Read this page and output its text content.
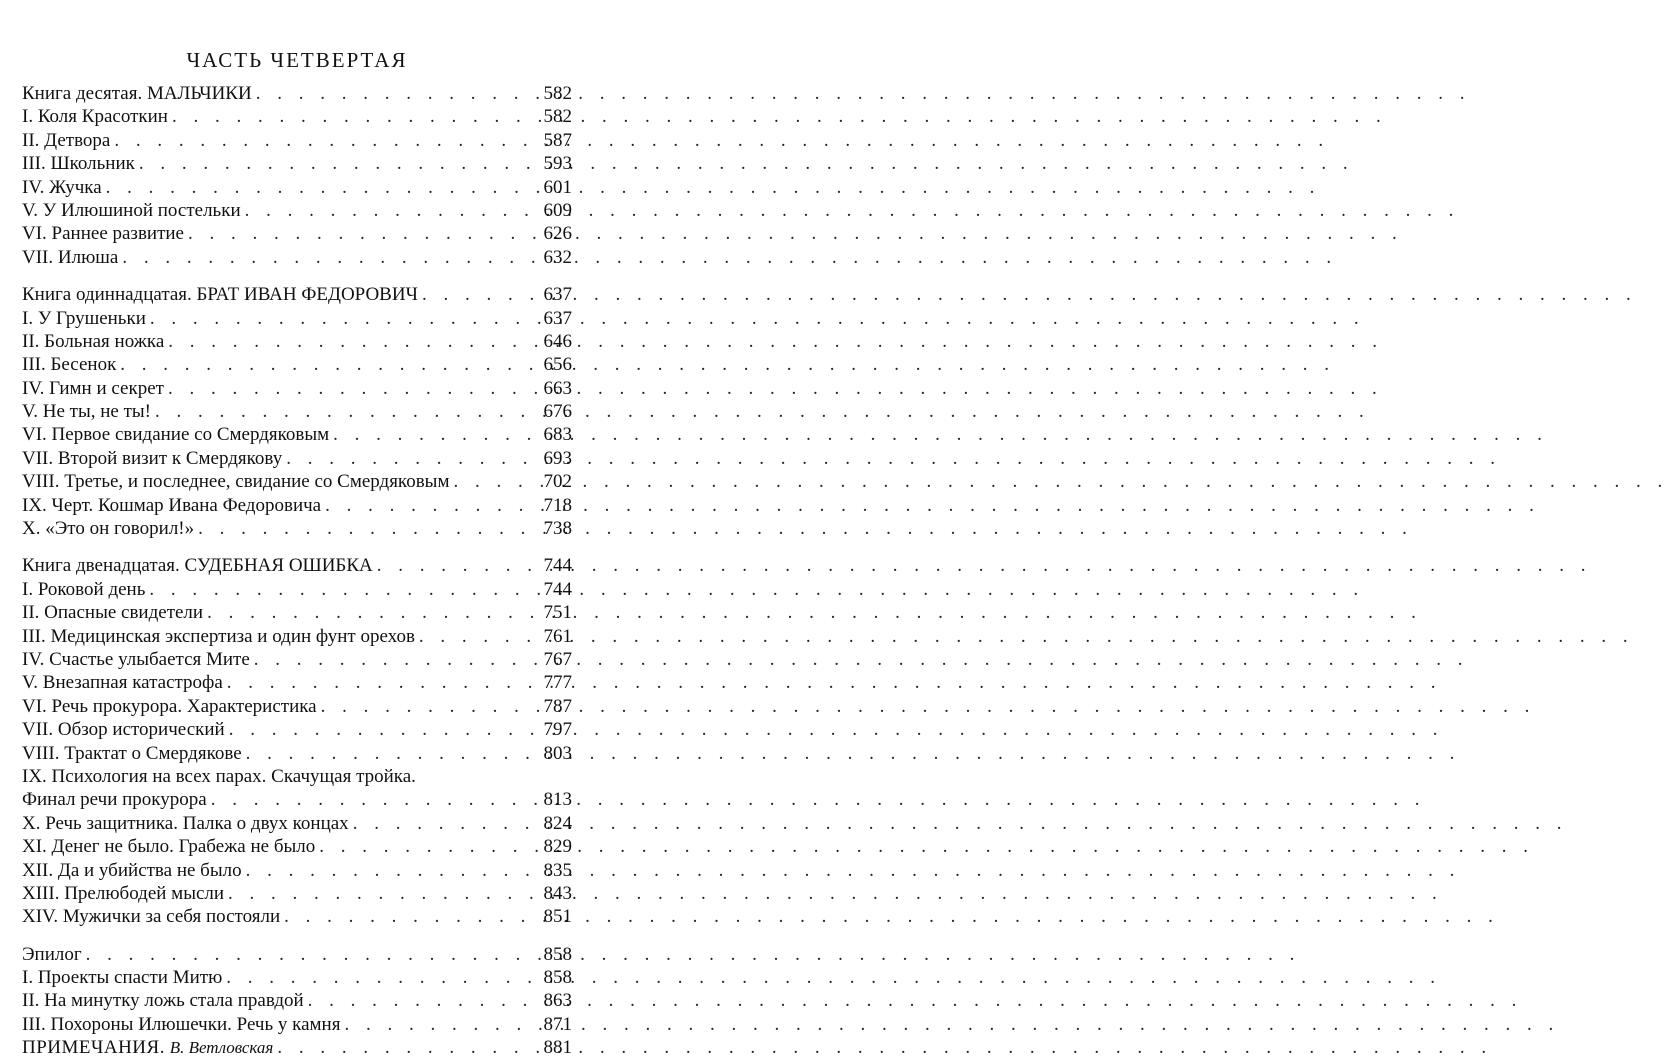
ЧАСТЬ ЧЕТВЕРТАЯ
Книга десятая. МАЛЬЧИКИ . . .	582
I. Коля Красоткин . . .	582
II. Детвора . . .	587
III. Школьник . . .	593
IV. Жучка . . .	601
V. У Илюшиной постельки . . .	609
VI. Раннее развитие . . .	626
VII. Илюша . . .	632
Книга одиннадцатая. БРАТ ИВАН ФЕДОРОВИЧ . . .	637
I. У Грушеньки . . .	637
II. Больная ножка . . .	646
III. Бесенок . . .	656
IV. Гимн и секрет . . .	663
V. Не ты, не ты! . . .	676
VI. Первое свидание со Смердяковым . . .	683
VII. Второй визит к Смердякову . . .	693
VIII. Третье, и последнее, свидание со Смердяковым . . .	702
IX. Черт. Кошмар Ивана Федоровича . . .	718
X. «Это он говорил!» . . .	738
Книга двенадцатая. СУДЕБНАЯ ОШИБКА . . .	744
I. Роковой день . . .	744
II. Опасные свидетели . . .	751
III. Медицинская экспертиза и один фунт орехов . . .	761
IV. Счастье улыбается Мите . . .	767
V. Внезапная катастрофа . . .	777
VI. Речь прокурора. Характеристика . . .	787
VII. Обзор исторический . . .	797
VIII. Трактат о Смердякове . . .	803
IX. Психология на всех парах. Скачущая тройка.
Финал речи прокурора . . .	813
X. Речь защитника. Палка о двух концах . . .	824
XI. Денег не было. Грабежа не было . . .	829
XII. Да и убийства не было . . .	835
XIII. Прелюбодей мысли . . .	843
XIV. Мужички за себя постояли . . .	851
Эпилог . . .	858
I. Проекты спасти Митю . . .	858
II. На минутку ложь стала правдой . . .	863
III. Похороны Илюшечки. Речь у камня . . .	871
ПРИМЕЧАНИЯ. В. Ветловская . . .	881
